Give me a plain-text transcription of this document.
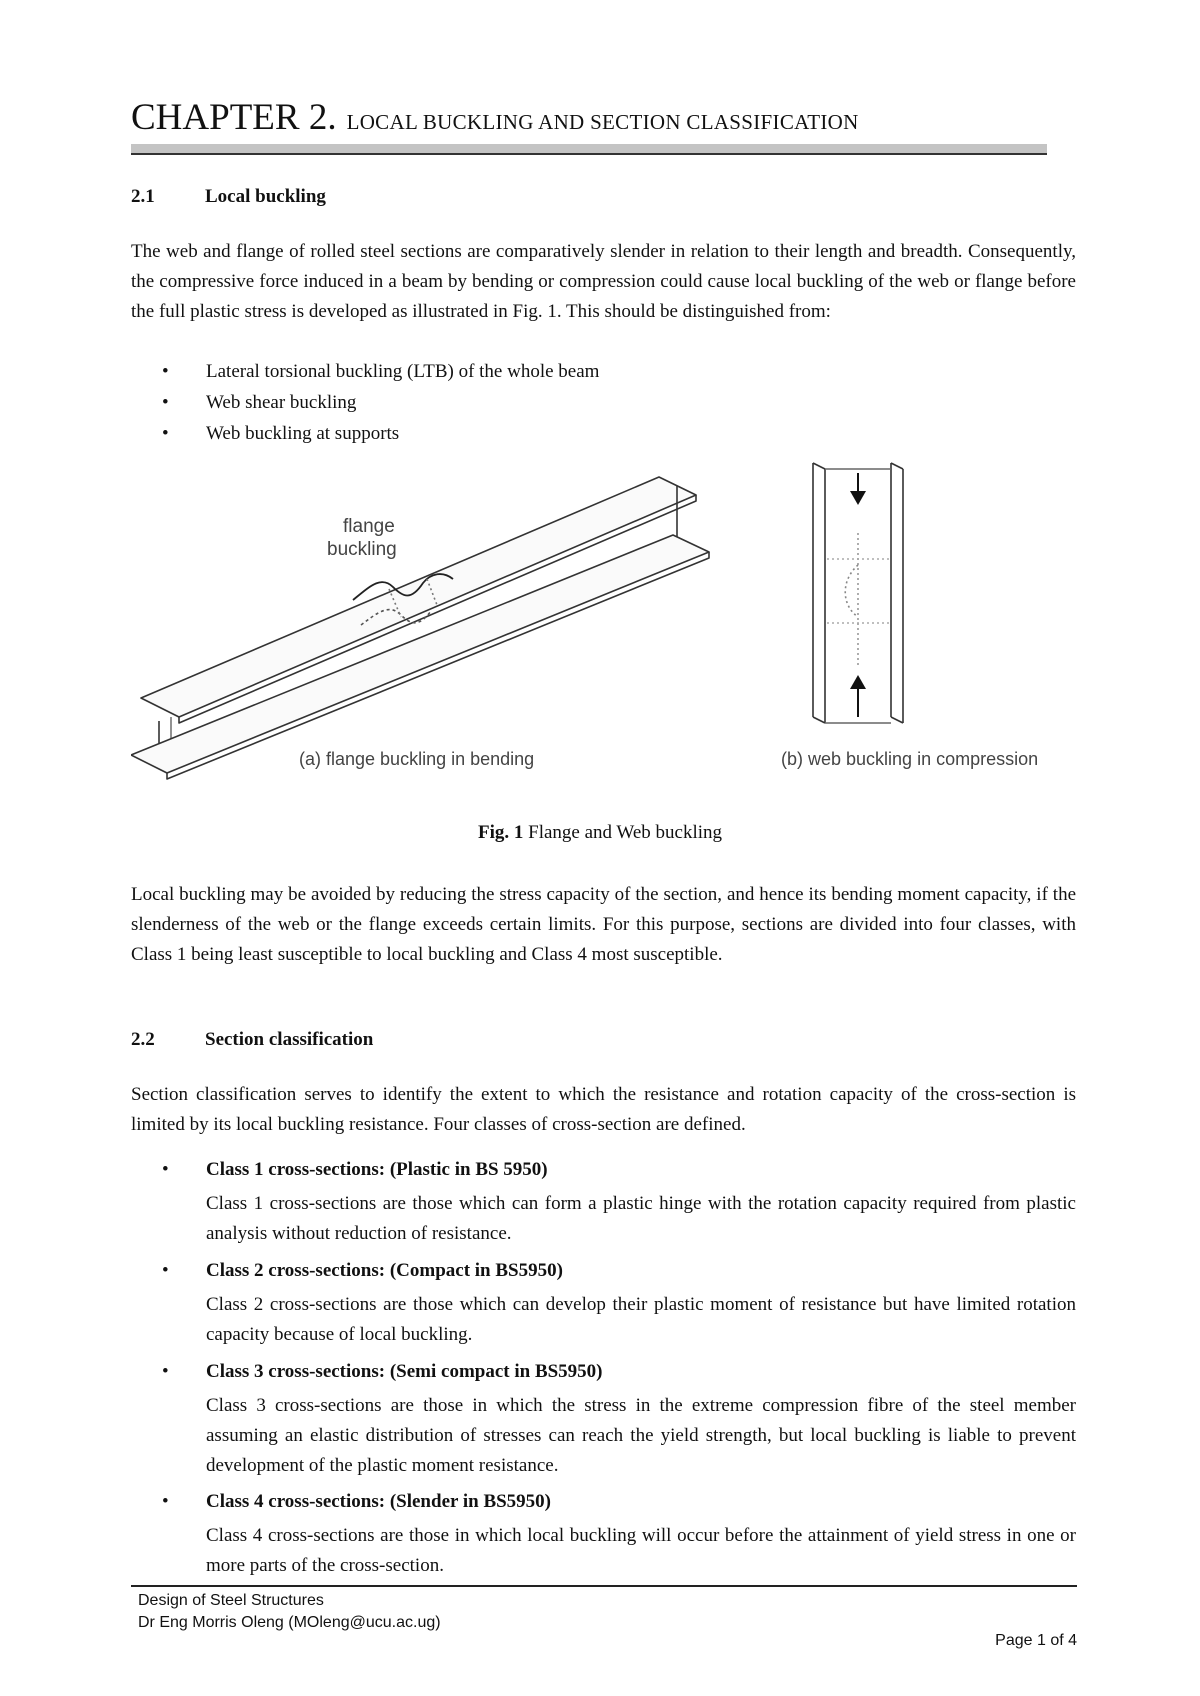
CHAPTER 2. LOCAL BUCKLING AND SECTION CLASSIFICATION
2.1	Local buckling
The web and flange of rolled steel sections are comparatively slender in relation to their length and breadth. Consequently, the compressive force induced in a beam by bending or compression could cause local buckling of the web or flange before the full plastic stress is developed as illustrated in Fig. 1. This should be distinguished from:
• Lateral torsional buckling (LTB) of the whole beam
• Web shear buckling
• Web buckling at supports
flange
buckling
(a) flange buckling in bending	(b) web buckling in compression
Fig. 1 Flange and Web buckling
Local buckling may be avoided by reducing the stress capacity of the section, and hence its bending moment capacity, if the slenderness of the web or the flange exceeds certain limits. For this purpose, sections are divided into four classes, with Class 1 being least susceptible to local buckling and Class 4 most susceptible.
2.2	Section classification
Section classification serves to identify the extent to which the resistance and rotation capacity of the cross-section is limited by its local buckling resistance. Four classes of cross-section are defined.
• Class 1 cross-sections: (Plastic in BS 5950)
Class 1 cross-sections are those which can form a plastic hinge with the rotation capacity required from plastic analysis without reduction of resistance.
• Class 2 cross-sections: (Compact in BS5950)
Class 2 cross-sections are those which can develop their plastic moment of resistance but have limited rotation capacity because of local buckling.
• Class 3 cross-sections: (Semi compact in BS5950)
Class 3 cross-sections are those in which the stress in the extreme compression fibre of the steel member assuming an elastic distribution of stresses can reach the yield strength, but local buckling is liable to prevent development of the plastic moment resistance.
• Class 4 cross-sections: (Slender in BS5950)
Class 4 cross-sections are those in which local buckling will occur before the attainment of yield stress in one or more parts of the cross-section.
Design of Steel Structures
Dr Eng Morris Oleng (MOleng@ucu.ac.ug)
Page 1 of 4
